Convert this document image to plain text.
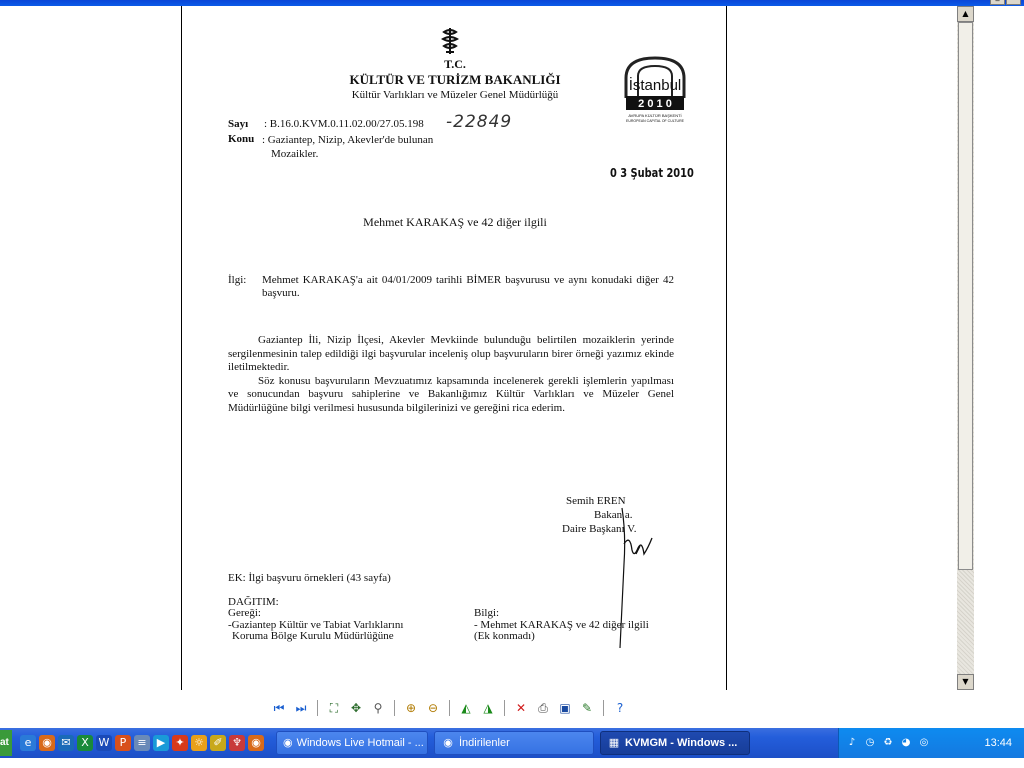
T.C.
KÜLTÜR VE TURİZM BAKANLIĞI
Kültür Varlıkları ve Müzeler Genel Müdürlüğü
İstanbul
2 0 1 0
AVRUPA KÜLTÜR BAŞKENTİ
EUROPEAN CAPITAL OF CULTURE
Sayı : B.16.0.KVM.0.11.02.00/27.05.198 -22849
Konu : Gaziantep, Nizip, Akevler'de bulunan
Mozaikler.
0 3 Şubat 2010
Mehmet KARAKAŞ ve 42 diğer ilgili
İlgi: Mehmet KARAKAŞ'a ait 04/01/2009 tarihli BİMER başvurusu ve aynı konudaki diğer 42 başvuru.

Gaziantep İli, Nizip İlçesi, Akevler Mevkiinde bulunduğu belirtilen mozaiklerin yerinde sergilenmesinin talep edildiği ilgi başvurular inceleniş olup başvuruların birer örneği yazımız ekinde iletilmektedir.

Söz konusu başvuruların Mevzuatımız kapsamında incelenerek gerekli işlemlerin yapılması ve sonucundan başvuru sahiplerine ve Bakanlığımız Kültür Varlıkları ve Müzeler Genel Müdürlüğüne bilgi verilmesi hususunda bilgilerinizi ve gereğini rica ederim.

Semih EREN
Bakan a.
Daire Başkanı V.
EK: İlgi başvuru örnekleri (43 sayfa)
DAĞITIM:
Gereği:
-Gaziantep Kültür ve Tabiat Varlıklarını
Koruma Bölge Kurulu Müdürlüğüne
Bilgi:
- Mehmet KARAKAŞ ve 42 diğer ilgili
(Ek konmadı)
▲
▼
⏮ ⏭	⛶	✥	⚲	⊕ ⊖	◭	◮	✕	⎙ ▣ ✎	?
at	e ◉ ✉ X W P	≡ ▶ ✦ ☼ ✐ ♆ ◉ ◉ Windows Live Hotmail - ... ◉ İndirilenler	▦ KVMGM - Windows ...	♪	◷ ♻ ◕ ◎	13:44
